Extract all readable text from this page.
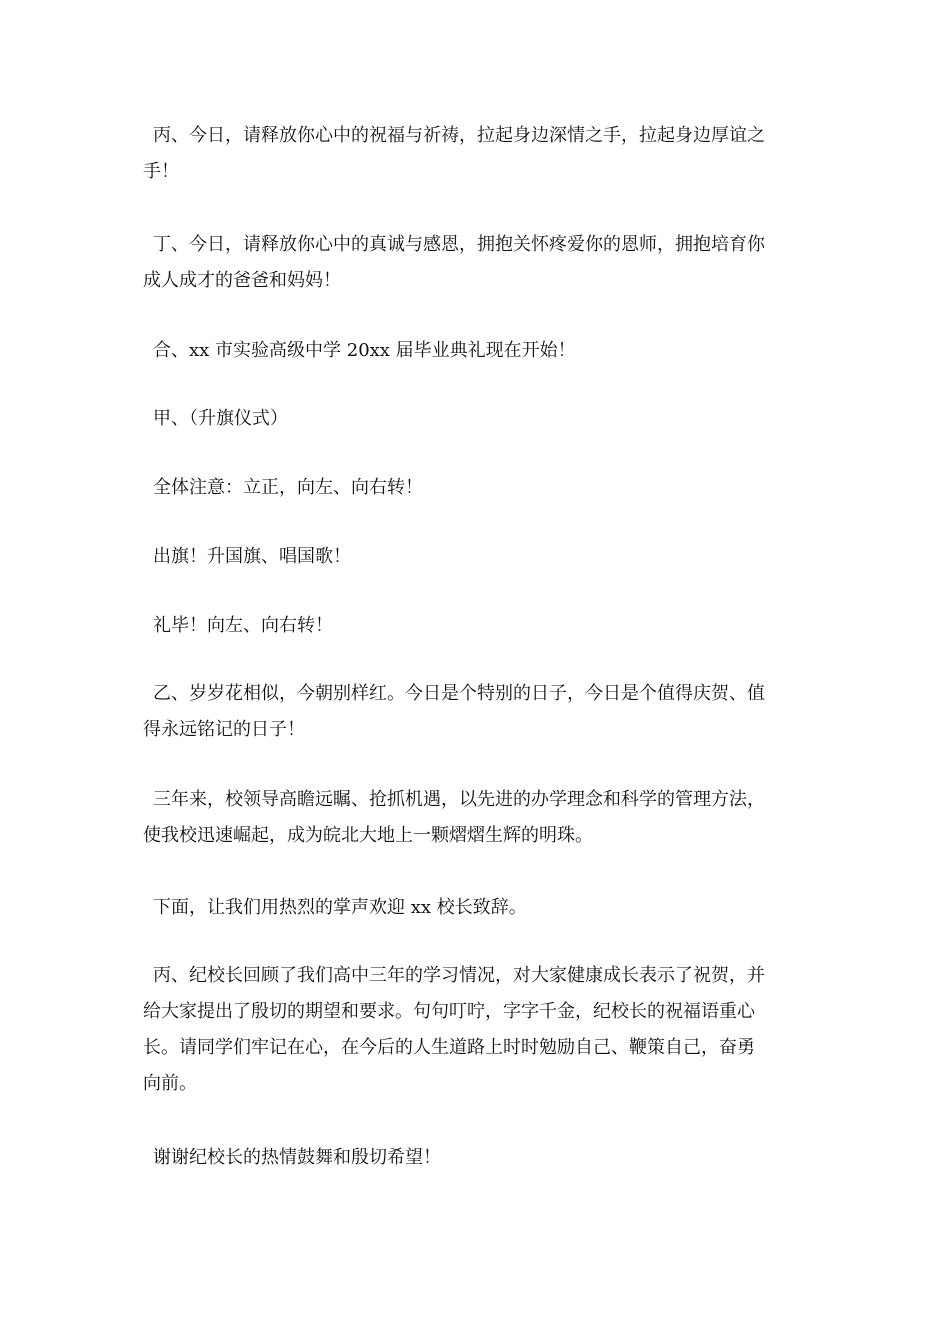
丙、今日，请释放你心中的祝福与祈祷，拉起身边深情之手，拉起身边厚谊之
手！

丁、今日，请释放你心中的真诚与感恩，拥抱关怀疼爱你的恩师，拥抱培育你
成人成才的爸爸和妈妈！

合、xx 市实验高级中学 20xx 届毕业典礼现在开始！

甲、（升旗仪式）

全体注意：立正，向左、向右转！

出旗！升国旗、唱国歌！

礼毕！向左、向右转！

乙、岁岁花相似，今朝别样红。今日是个特别的日子，今日是个值得庆贺、值
得永远铭记的日子！

三年来，校领导高瞻远瞩、抢抓机遇，以先进的办学理念和科学的管理方法，
使我校迅速崛起，成为皖北大地上一颗熠熠生辉的明珠。

下面，让我们用热烈的掌声欢迎 xx 校长致辞。

丙、纪校长回顾了我们高中三年的学习情况，对大家健康成长表示了祝贺，并
给大家提出了殷切的期望和要求。句句叮咛，字字千金，纪校长的祝福语重心
长。请同学们牢记在心，在今后的人生道路上时时勉励自己、鞭策自己，奋勇
向前。

谢谢纪校长的热情鼓舞和殷切希望！
